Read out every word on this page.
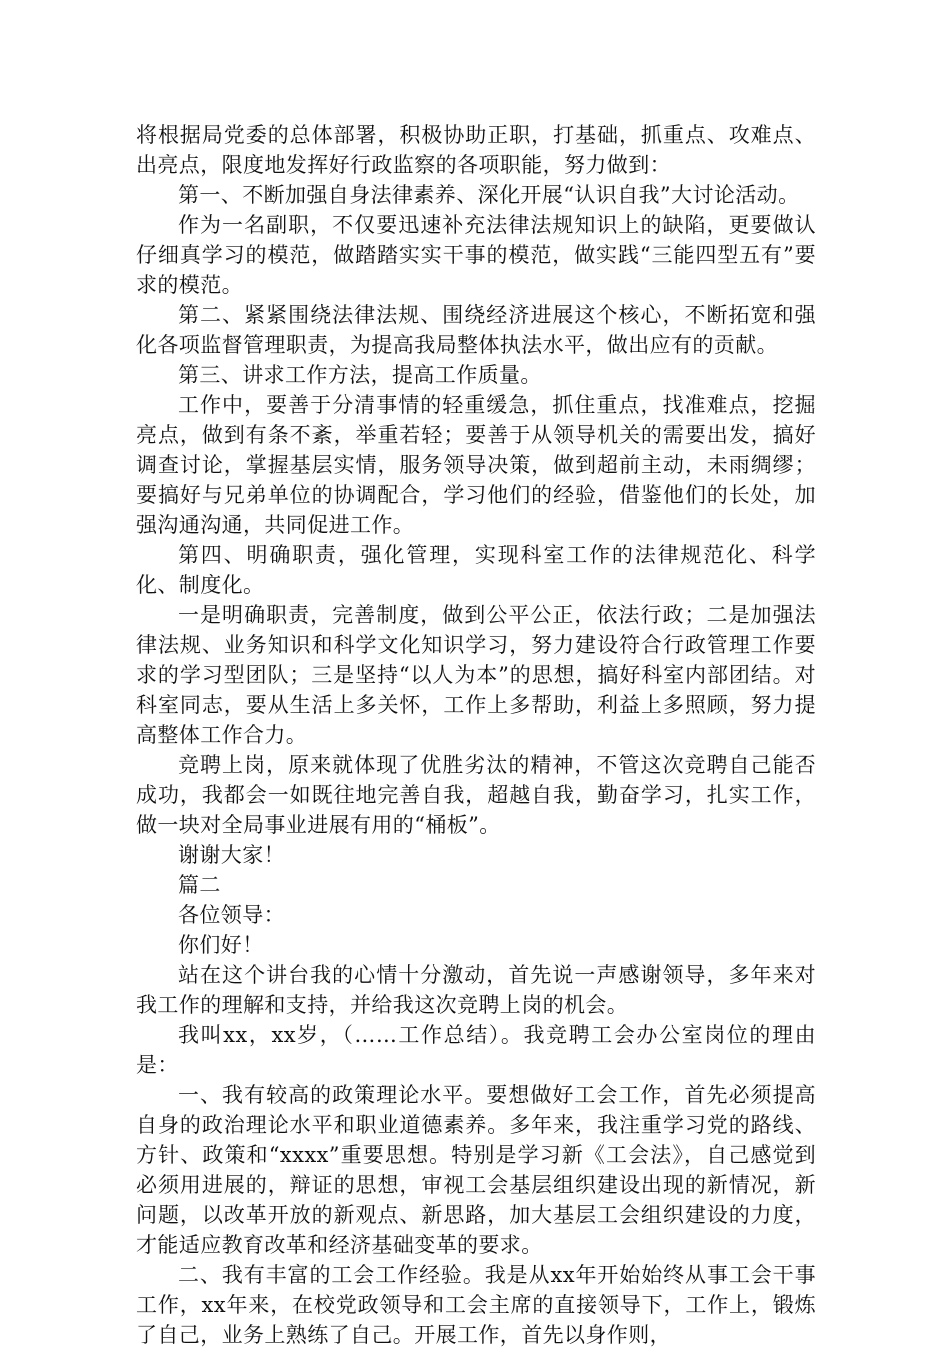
将根据局党委的总体部署，积极协助正职，打基础，抓重点、攻难点、出亮点，限度地发挥好行政监察的各项职能，努力做到：

第一、不断加强自身法律素养、深化开展“认识自我”大讨论活动。

作为一名副职，不仅要迅速补充法律法规知识上的缺陷，更要做认仔细真学习的模范，做踏踏实实干事的模范，做实践“三能四型五有”要求的模范。

第二、紧紧围绕法律法规、围绕经济进展这个核心，不断拓宽和强化各项监督管理职责，为提高我局整体执法水平，做出应有的贡献。

第三、讲求工作方法，提高工作质量。

工作中，要善于分清事情的轻重缓急，抓住重点，找准难点，挖掘亮点，做到有条不紊，举重若轻；要善于从领导机关的需要出发，搞好调查讨论，掌握基层实情，服务领导决策，做到超前主动，未雨绸缪；要搞好与兄弟单位的协调配合，学习他们的经验，借鉴他们的长处，加强沟通沟通，共同促进工作。

第四、明确职责，强化管理，实现科室工作的法律规范化、科学化、制度化。

一是明确职责，完善制度，做到公平公正，依法行政；二是加强法律法规、业务知识和科学文化知识学习，努力建设符合行政管理工作要求的学习型团队；三是坚持“以人为本”的思想，搞好科室内部团结。对科室同志，要从生活上多关怀，工作上多帮助，利益上多照顾，努力提高整体工作合力。

竞聘上岗，原来就体现了优胜劣汰的精神，不管这次竞聘自己能否成功，我都会一如既往地完善自我，超越自我，勤奋学习，扎实工作，做一块对全局事业进展有用的“桶板”。

谢谢大家！

篇二

各位领导：

你们好！

站在这个讲台我的心情十分激动，首先说一声感谢领导，多年来对我工作的理解和支持，并给我这次竞聘上岗的机会。

我叫xx，xx岁，（……工作总结）。我竞聘工会办公室岗位的理由是：

一、我有较高的政策理论水平。要想做好工会工作，首先必须提高自身的政治理论水平和职业道德素养。多年来，我注重学习党的路线、方针、政策和“xxxx”重要思想。特别是学习新《工会法》，自己感觉到必须用进展的，辩证的思想，审视工会基层组织建设出现的新情况，新问题，以改革开放的新观点、新思路，加大基层工会组织建设的力度，才能适应教育改革和经济基础变革的要求。

二、我有丰富的工会工作经验。我是从xx年开始始终从事工会干事工作，xx年来，在校党政领导和工会主席的直接领导下，工作上，锻炼了自己，业务上熟练了自己。开展工作，首先以身作则，
